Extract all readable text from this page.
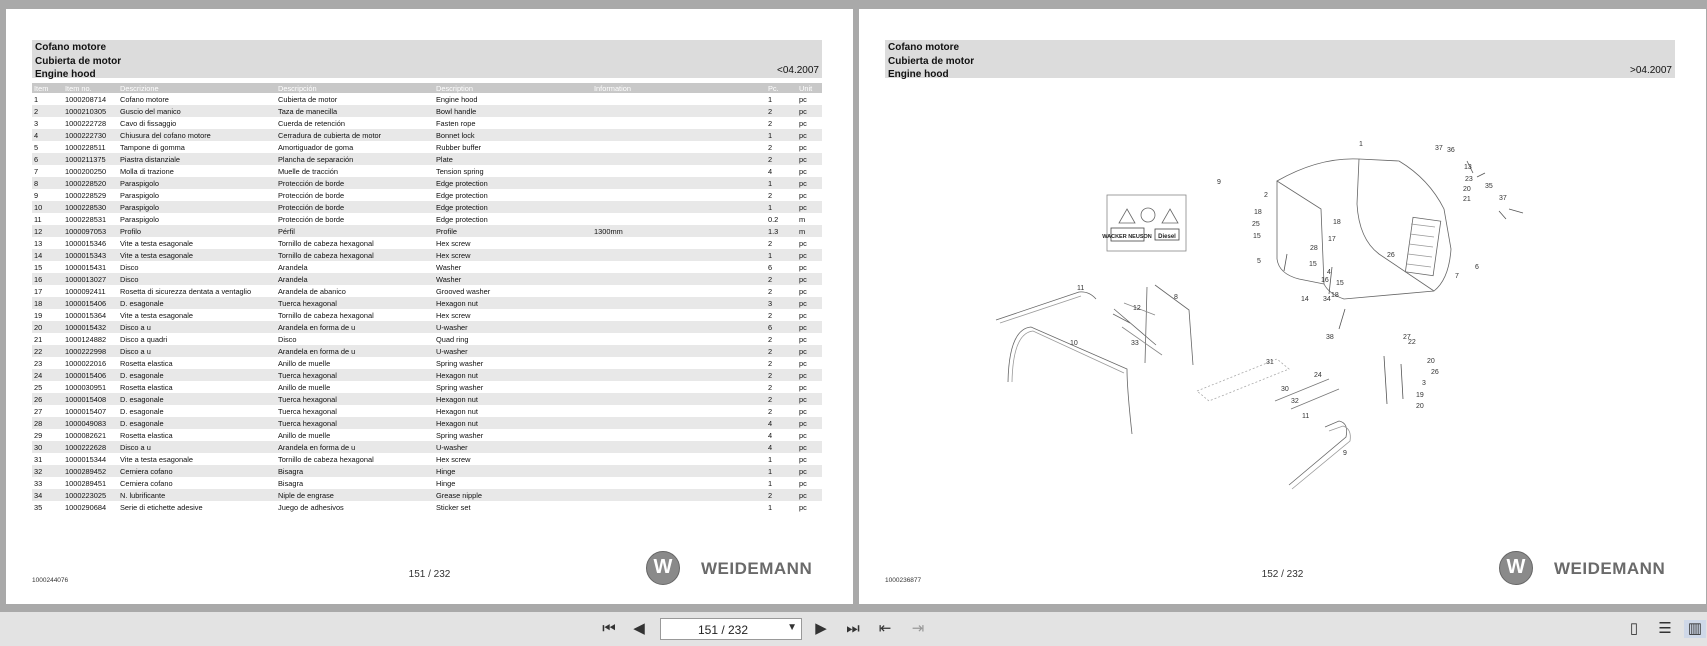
Cofano motore
Cubierta de motor
Engine hood	<04.2007
Item	Item no.	Descrizione	Descripción	Description	Information	Pc.	Unit
1	1000208714	Cofano motore	Cubierta de motor	Engine hood		1	pc
2	1000210305	Guscio del manico	Taza de manecilla	Bowl handle		2	pc
3	1000222728	Cavo di fissaggio	Cuerda de retención	Fasten rope		2	pc
4	1000222730	Chiusura del cofano motore	Cerradura de cubierta de motor	Bonnet lock		1	pc
5	1000228511	Tampone di gomma	Amortiguador de goma	Rubber buffer		2	pc
6	1000211375	Piastra distanziale	Plancha de separación	Plate		2	pc
7	1000200250	Molla di trazione	Muelle de tracción	Tension spring		4	pc
8	1000228520	Paraspigolo	Protección de borde	Edge protection		1	pc
9	1000228529	Paraspigolo	Protección de borde	Edge protection		2	pc
10	1000228530	Paraspigolo	Protección de borde	Edge protection		1	pc
11	1000228531	Paraspigolo	Protección de borde	Edge protection		0.2	m
12	1000097053	Profilo	Pérfil	Profile	1300mm	1.3	m
13	1000015346	Vite a testa esagonale	Tornillo de cabeza hexagonal	Hex screw		2	pc
14	1000015343	Vite a testa esagonale	Tornillo de cabeza hexagonal	Hex screw		1	pc
15	1000015431	Disco	Arandela	Washer		6	pc
16	1000013027	Disco	Arandela	Washer		2	pc
17	1000092411	Rosetta di sicurezza dentata a ventaglio	Arandela de abanico	Grooved washer		2	pc
18	1000015406	D. esagonale	Tuerca hexagonal	Hexagon nut		3	pc
19	1000015364	Vite a testa esagonale	Tornillo de cabeza hexagonal	Hex screw		2	pc
20	1000015432	Disco a u	Arandela en forma de u	U-washer		6	pc
21	1000124882	Disco a quadri	Disco	Quad ring		2	pc
22	1000222998	Disco a u	Arandela en forma de u	U-washer		2	pc
23	1000022016	Rosetta elastica	Anillo de muelle	Spring washer		2	pc
24	1000015406	D. esagonale	Tuerca hexagonal	Hexagon nut		2	pc
25	1000030951	Rosetta elastica	Anillo de muelle	Spring washer		2	pc
26	1000015408	D. esagonale	Tuerca hexagonal	Hexagon nut		2	pc
27	1000015407	D. esagonale	Tuerca hexagonal	Hexagon nut		2	pc
28	1000049083	D. esagonale	Tuerca hexagonal	Hexagon nut		4	pc
29	1000082621	Rosetta elastica	Anillo de muelle	Spring washer		4	pc
30	1000222628	Disco a u	Arandela en forma de u	U-washer		4	pc
31	1000015344	Vite a testa esagonale	Tornillo de cabeza hexagonal	Hex screw		1	pc
32	1000289452	Cerniera cofano	Bisagra	Hinge		1	pc
33	1000289451	Cerniera cofano	Bisagra	Hinge		1	pc
34	1000223025	N. lubrificante	Niple de engrase	Grease nipple		2	pc
35	1000290684	Serie di etichette adesive	Juego de adhesivos	Sticker set		1	pc
1000244076
151 / 232	W	WEIDEMANN
Cofano motore
Cubierta de motor
Engine hood	>04.2007
WACKER NEUSON Diesel
1
37 36
13
23
20 35
21	37
2
18
25
15
18
17
26
28
15	6
7
16
5
4
15
18
14 34
27
22
20
26
3
19
20
24
38
9
11
12
8
10	33
31
30
32
11
9
1000236877
152 / 232	W	WEIDEMANN
⏮	◀	151 / 232	▼	▶	⏭	⇤	⇥	▯	☰ ▥
